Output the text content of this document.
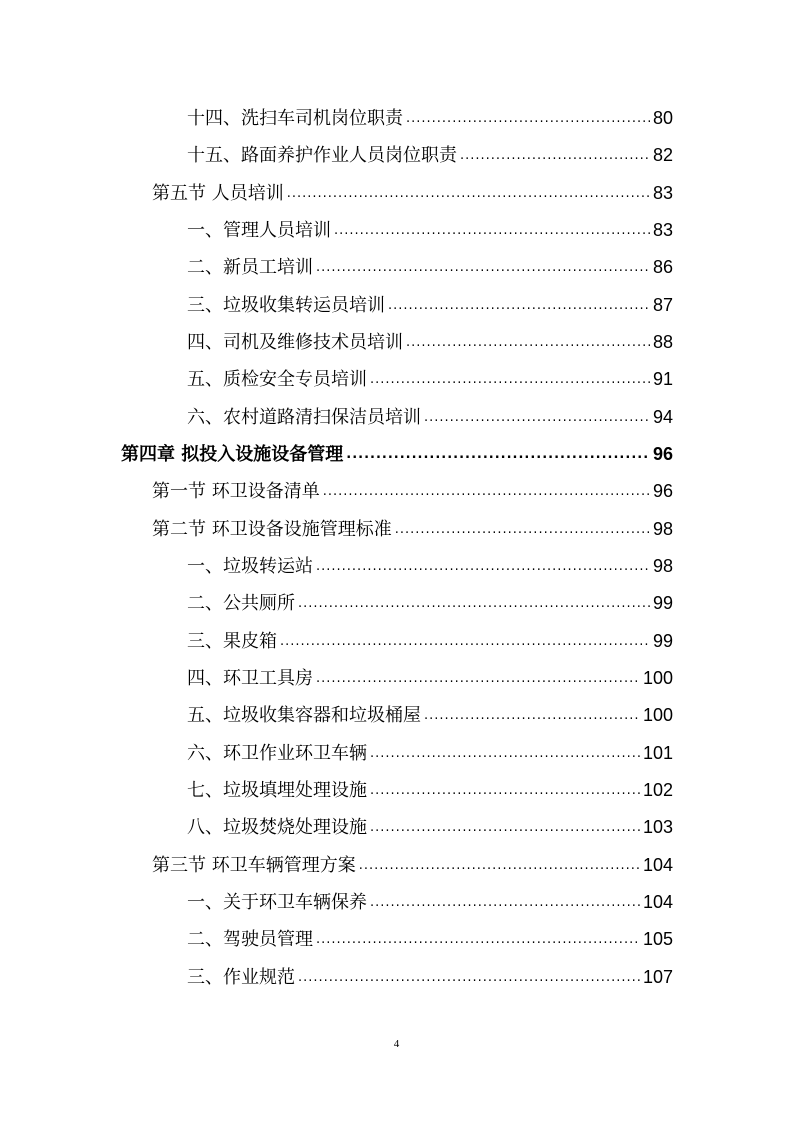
十四、洗扫车司机岗位职责 .....	80
十五、路面养护作业人员岗位职责 .....	82
第五节 人员培训 .....	83
一、管理人员培训 .....	83
二、新员工培训 .....	86
三、垃圾收集转运员培训 .....	87
四、司机及维修技术员培训 .....	88
五、质检安全专员培训 .....	91
六、农村道路清扫保洁员培训 .....	94
第四章 拟投入设施设备管理 .....	96
第一节 环卫设备清单 .....	96
第二节 环卫设备设施管理标准 .....	98
一、垃圾转运站 .....	98
二、公共厕所 .....	99
三、果皮箱 .....	99
四、环卫工具房 .....	100
五、垃圾收集容器和垃圾桶屋 .....	100
六、环卫作业环卫车辆 .....	101
七、垃圾填埋处理设施 .....	102
八、垃圾焚烧处理设施 .....	103
第三节 环卫车辆管理方案 .....	104
一、关于环卫车辆保养 .....	104
二、驾驶员管理 .....	105
三、作业规范 .....	107
4
